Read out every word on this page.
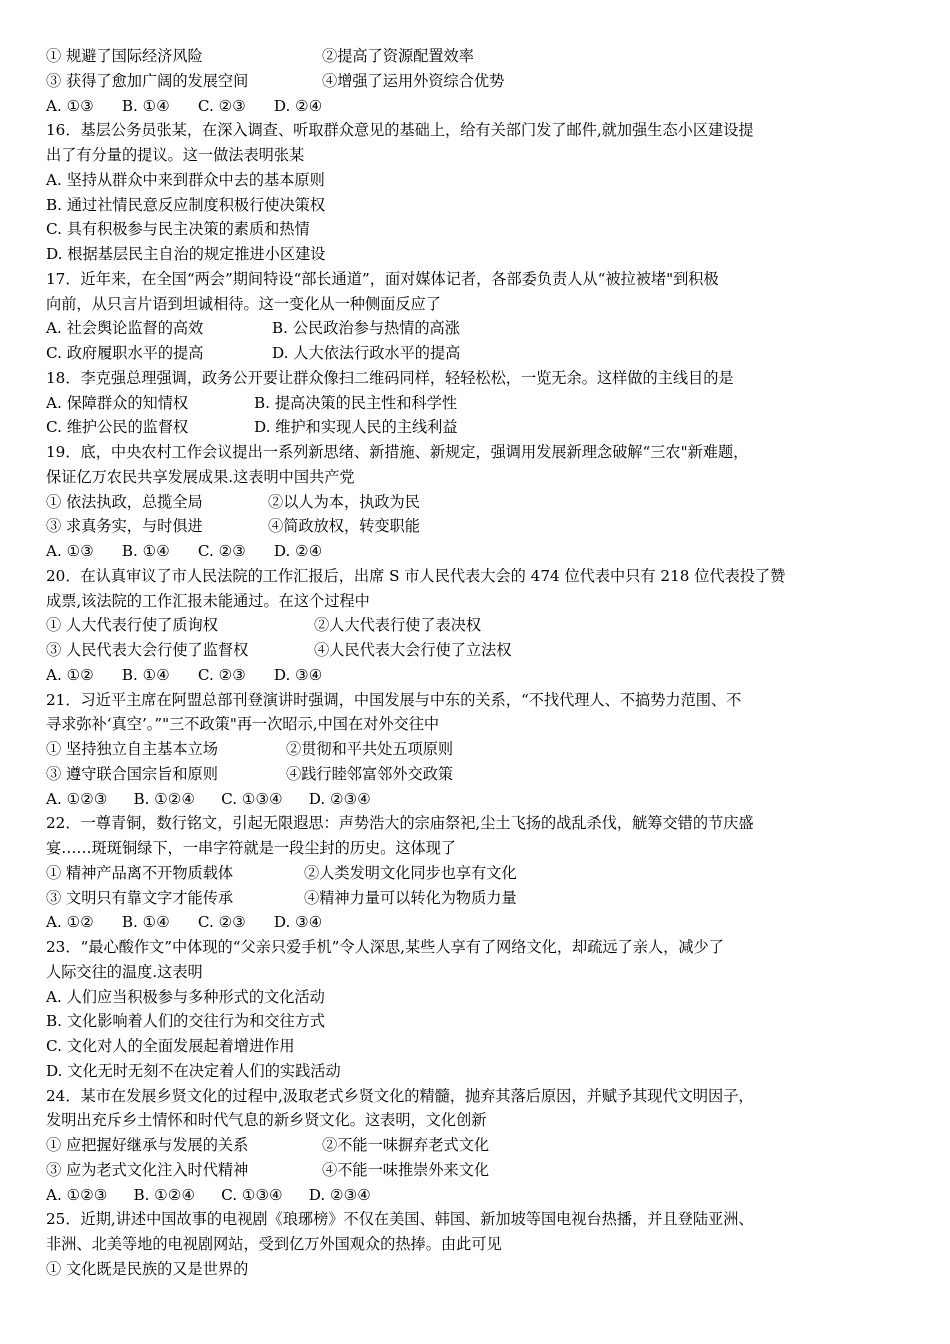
① 规避了国际经济风险	②提高了资源配置效率
③ 获得了愈加广阔的发展空间	④增强了运用外资综合优势
A. ①③ B. ①④ C. ②③ D. ②④
16．基层公务员张某，在深入调查、听取群众意见的基础上，给有关部门发了邮件,就加强生态小区建设提
出了有分量的提议。这一做法表明张某
A. 坚持从群众中来到群众中去的基本原则
B. 通过社情民意反应制度积极行使决策权
C. 具有积极参与民主决策的素质和热情
D. 根据基层民主自治的规定推进小区建设
17．近年来，在全国“两会”期间特设“部长通道”，面对媒体记者，各部委负责人从“被拉被堵"到积极
向前，从只言片语到坦诚相待。这一变化从一种侧面反应了
A. 社会舆论监督的高效	B. 公民政治参与热情的高涨
C. 政府履职水平的提高	D. 人大依法行政水平的提高
18．李克强总理强调，政务公开要让群众像扫二维码同样，轻轻松松，一览无余。这样做的主线目的是
A. 保障群众的知情权	B. 提高决策的民主性和科学性
C. 维护公民的监督权	D. 维护和实现人民的主线利益
19．底，中央农村工作会议提出一系列新思绪、新措施、新规定，强调用发展新理念破解“三农"新难题，
保证亿万农民共享发展成果.这表明中国共产党
① 依法执政，总揽全局	②以人为本，执政为民
③ 求真务实，与时俱进	④简政放权，转变职能
A. ①③ B. ①④ C. ②③ D. ②④
20．在认真审议了市人民法院的工作汇报后，出席 S 市人民代表大会的 474 位代表中只有 218 位代表投了赞
成票,该法院的工作汇报未能通过。在这个过程中
① 人大代表行使了质询权	②人大代表行使了表决权
③ 人民代表大会行使了监督权	④人民代表大会行使了立法权
A. ①② B. ①④ C. ②③ D. ③④
21．习近平主席在阿盟总部刊登演讲时强调，中国发展与中东的关系，“不找代理人、不搞势力范围、不
寻求弥补‘真空’。”"三不政策"再一次昭示,中国在对外交往中
① 坚持独立自主基本立场	②贯彻和平共处五项原则
③ 遵守联合国宗旨和原则	④践行睦邻富邻外交政策
A. ①②③ B. ①②④ C. ①③④ D. ②③④
22．一尊青铜，数行铭文，引起无限遐思：声势浩大的宗庙祭祀,尘土飞扬的战乱杀伐，觥筹交错的节庆盛
宴……斑斑铜绿下，一串字符就是一段尘封的历史。这体现了
① 精神产品离不开物质载体	②人类发明文化同步也享有文化
③ 文明只有靠文字才能传承	④精神力量可以转化为物质力量
A. ①② B. ①④ C. ②③ D. ③④
23．“最心酸作文”中体现的“父亲只爱手机”令人深思,某些人享有了网络文化，却疏远了亲人，减少了
人际交往的温度.这表明
A. 人们应当积极参与多种形式的文化活动
B. 文化影响着人们的交往行为和交往方式
C. 文化对人的全面发展起着增进作用
D. 文化无时无刻不在决定着人们的实践活动
24．某市在发展乡贤文化的过程中,汲取老式乡贤文化的精髓，抛弃其落后原因，并赋予其现代文明因子，
发明出充斥乡土情怀和时代气息的新乡贤文化。这表明，文化创新
① 应把握好继承与发展的关系	②不能一味摒弃老式文化
③ 应为老式文化注入时代精神	④不能一味推崇外来文化
A. ①②③ B. ①②④ C. ①③④ D. ②③④
25．近期,讲述中国故事的电视剧《琅琊榜》不仅在美国、韩国、新加坡等国电视台热播，并且登陆亚洲、
非洲、北美等地的电视剧网站，受到亿万外国观众的热捧。由此可见
① 文化既是民族的又是世界的
